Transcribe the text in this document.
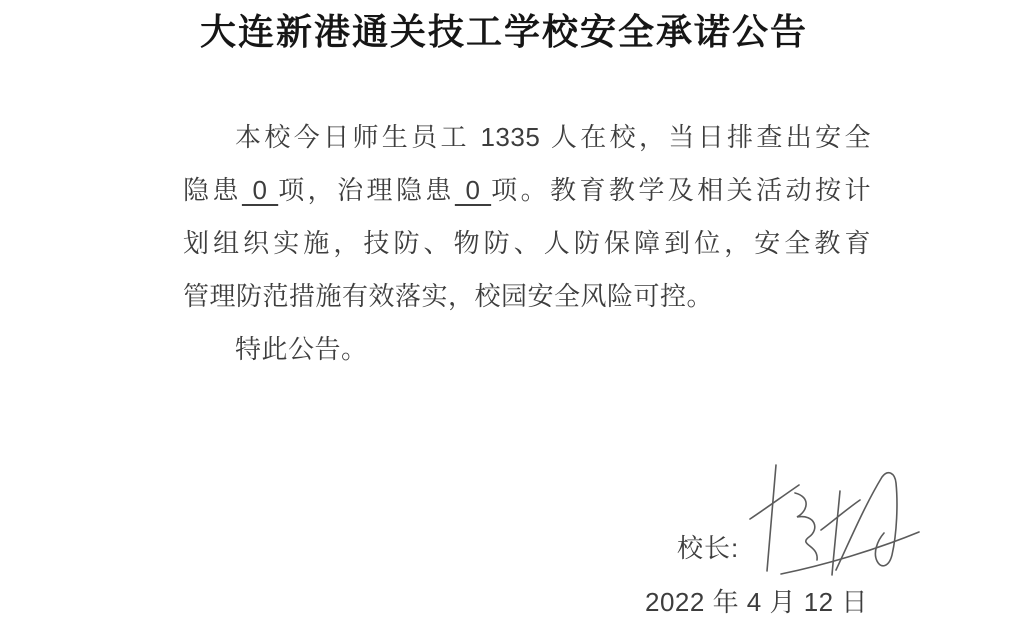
大连新港通关技工学校安全承诺公告
本校今日师生员工 1335 人在校，当日排查出安全
隐患 0 项，治理隐患 0 项。教育教学及相关活动按计
划组织实施，技防、物防、人防保障到位，安全教育
管理防范措施有效落实，校园安全风险可控。
特此公告。
校长:
2022 年 4 月 12 日
